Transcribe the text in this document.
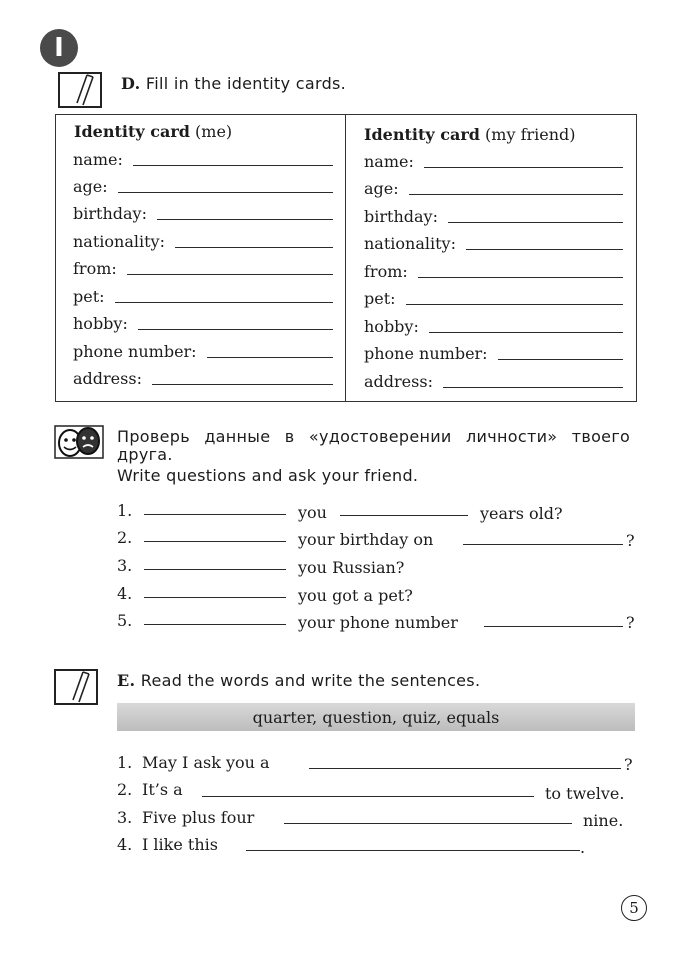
I
D. Fill in the identity cards.
Identity card (me)
name:
age:
birthday:
nationality:
from:
pet:
hobby:
phone number:
address:
Identity card (my friend)
name:
age:
birthday:
nationality:
from:
pet:
hobby:
phone number:
address:
Проверь данные в «удостоверении личности» твоего
друга.
Write questions and ask your friend.
1.	you	years old?
2.	your birthday on	?
3.	you Russian?
4.	you got a pet?
5.	your phone number	?
E. Read the words and write the sentences.
quarter, question, quiz, equals
1. May I ask you a	?
2. It’s a	to twelve.
3. Five plus four	nine.
4. I like this	.
5
